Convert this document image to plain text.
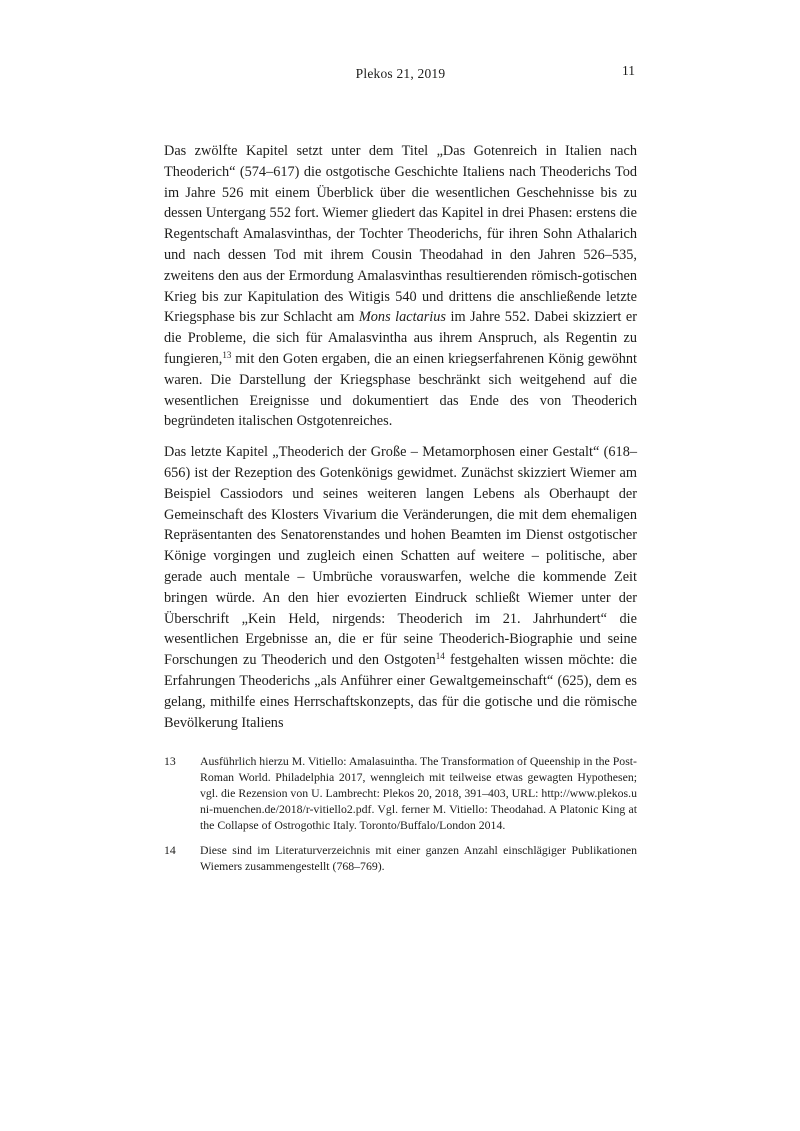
Plekos 21, 2019	11

Das zwölfte Kapitel setzt unter dem Titel „Das Gotenreich in Italien nach Theoderich“ (574–617) die ostgotische Geschichte Italiens nach Theoderichs Tod im Jahre 526 mit einem Überblick über die wesentlichen Geschehnisse bis zu dessen Untergang 552 fort. Wiemer gliedert das Kapitel in drei Phasen: erstens die Regentschaft Amalasvinthas, der Tochter Theoderichs, für ihren Sohn Athalarich und nach dessen Tod mit ihrem Cousin Theodahad in den Jahren 526–535, zweitens den aus der Ermordung Amalasvinthas resultierenden römisch-gotischen Krieg bis zur Kapitulation des Witigis 540 und drittens die anschließende letzte Kriegsphase bis zur Schlacht am Mons lactarius im Jahre 552. Dabei skizziert er die Probleme, die sich für Amalasvintha aus ihrem Anspruch, als Regentin zu fungieren,$^{13}$ mit den Goten ergaben, die an einen kriegserfahrenen König gewöhnt waren. Die Darstellung der Kriegsphase beschränkt sich weitgehend auf die wesentlichen Ereignisse und dokumentiert das Ende des von Theoderich begründeten italischen Ostgotenreiches.

Das letzte Kapitel „Theoderich der Große – Metamorphosen einer Gestalt“ (618–656) ist der Rezeption des Gotenkönigs gewidmet. Zunächst skizziert Wiemer am Beispiel Cassiodors und seines weiteren langen Lebens als Oberhaupt der Gemeinschaft des Klosters Vivarium die Veränderungen, die mit dem ehemaligen Repräsentanten des Senatorenstandes und hohen Beamten im Dienst ostgotischer Könige vorgingen und zugleich einen Schatten auf weitere – politische, aber gerade auch mentale – Umbrüche vorauswarfen, welche die kommende Zeit bringen würde. An den hier evozierten Eindruck schließt Wiemer unter der Überschrift „Kein Held, nirgends: Theoderich im 21. Jahrhundert“ die wesentlichen Ergebnisse an, die er für seine Theoderich-Biographie und seine Forschungen zu Theoderich und den Ostgoten$^{14}$ festgehalten wissen möchte: die Erfahrungen Theoderichs „als Anführer einer Gewaltgemeinschaft“ (625), dem es gelang, mithilfe eines Herrschaftskonzepts, das für die gotische und die römische Bevölkerung Italiens

13	Ausführlich hierzu M. Vitiello: Amalasuintha. The Transformation of Queenship in the Post-Roman World. Philadelphia 2017, wenngleich mit teilweise etwas gewagten Hypothesen; vgl. die Rezension von U. Lambrecht: Plekos 20, 2018, 391–403, URL: http://www.plekos.uni-muenchen.de/2018/r-vitiello2.pdf. Vgl. ferner M. Vitiello: Theodahad. A Platonic King at the Collapse of Ostrogothic Italy. Toronto/Buffalo/London 2014.
14	Diese sind im Literaturverzeichnis mit einer ganzen Anzahl einschlägiger Publikationen Wiemers zusammengestellt (768–769).
